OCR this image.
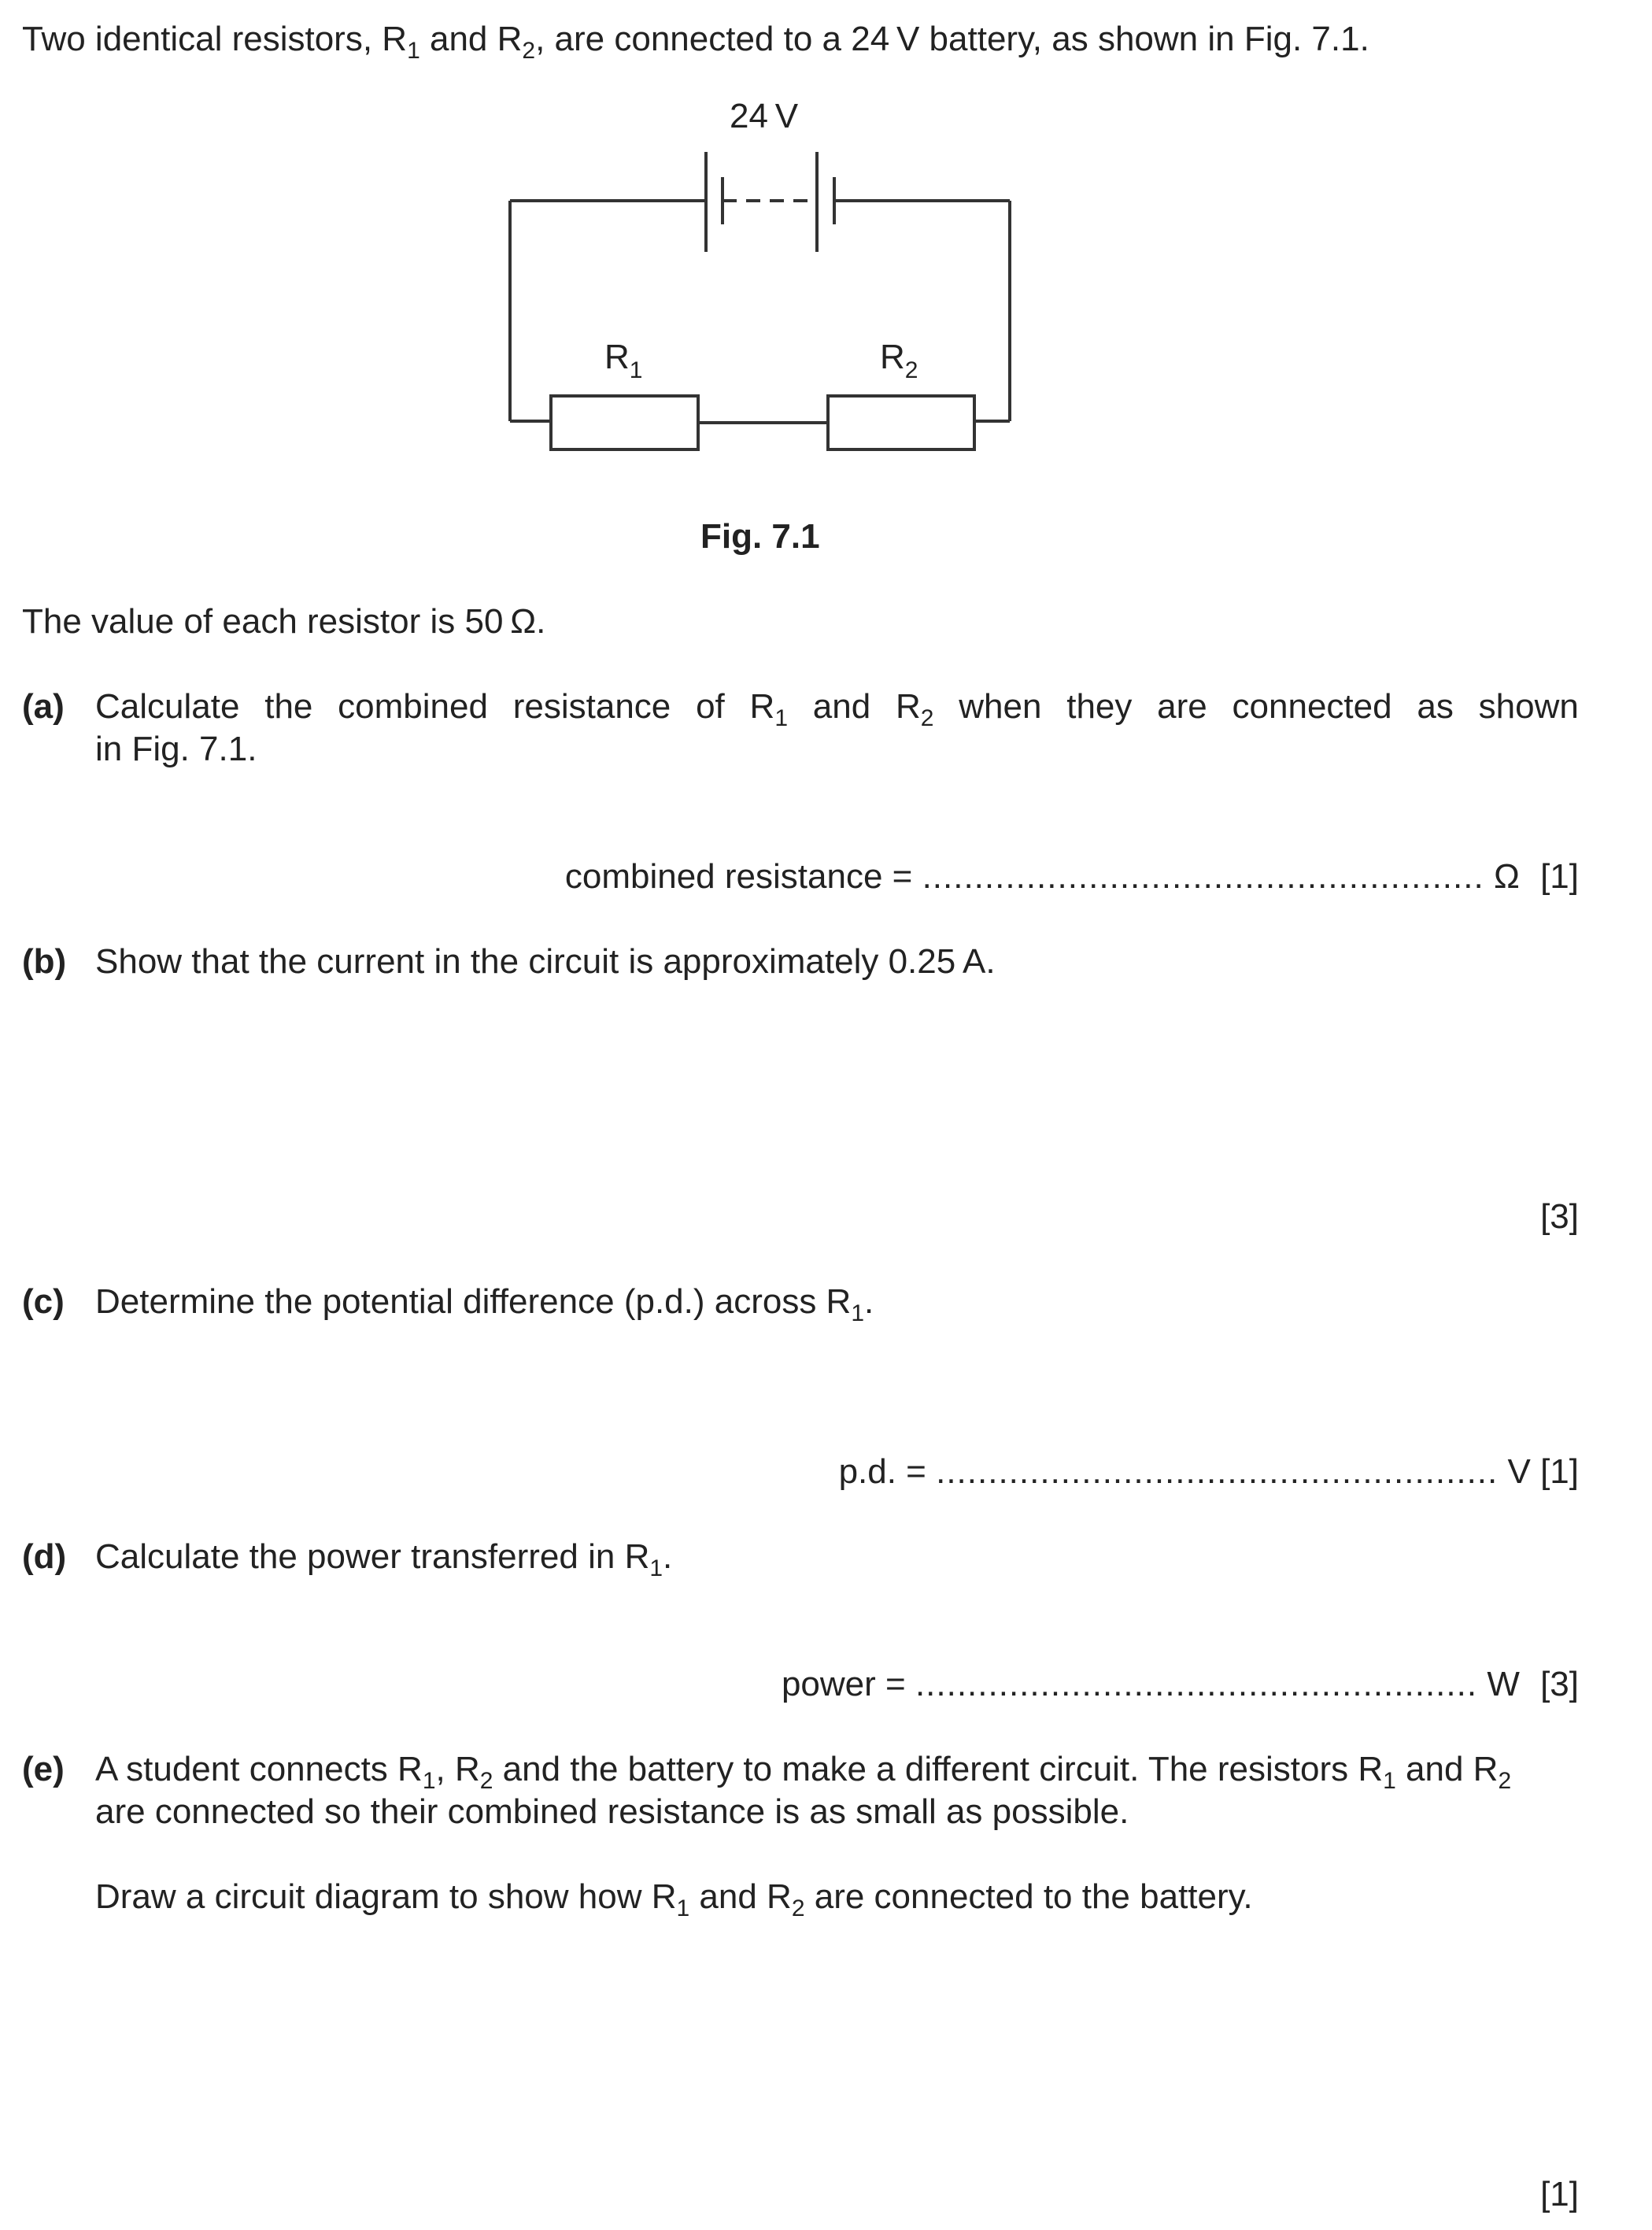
Two identical resistors, $R_1$ and $R_2$, are connected to a 24 V battery, as shown in Fig. 7.1.
24 V
$R_1$	$R_2$
Fig. 7.1
The value of each resistor is 50 Ω.
(a) Calculate the combined resistance of $R_1$ and $R_2$ when they are connected as shown
in Fig. 7.1.
combined resistance = ...................................................... Ω [1]
(b) Show that the current in the circuit is approximately 0.25 A.
[3]
(c) Determine the potential difference (p.d.) across $R_1$.
p.d. = ...................................................... V [1]
(d) Calculate the power transferred in $R_1$.
power = ...................................................... W [3]
(e) A student connects $R_1$, $R_2$ and the battery to make a different circuit. The resistors $R_1$ and $R_2$
are connected so their combined resistance is as small as possible.
Draw a circuit diagram to show how $R_1$ and $R_2$ are connected to the battery.
[1]
